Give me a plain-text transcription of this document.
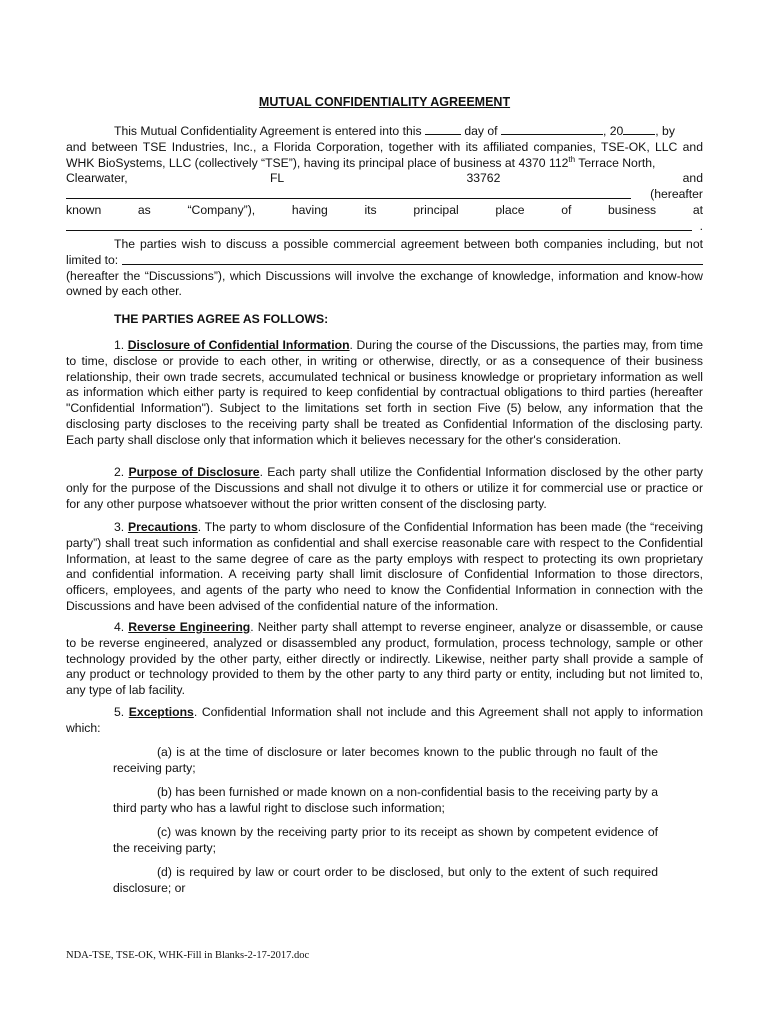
MUTUAL CONFIDENTIALITY AGREEMENT
This Mutual Confidentiality Agreement is entered into this	day of	, 20	, by
and between TSE Industries, Inc., a Florida Corporation, together with its affiliated companies, TSE-OK, LLC and
WHK BioSystems, LLC (collectively “TSE”), having its principal place of business at 4370 112th Terrace North,
Clearwater,	FL	33762	and
(hereafter
known	as	“Company”),	having	its	principal	place	of	business	at
.
The parties wish to discuss a possible commercial agreement between both companies including, but not
limited to:
(hereafter the “Discussions”), which Discussions will involve the exchange of knowledge, information and know-how owned by each other.
THE PARTIES AGREE AS FOLLOWS:
1. Disclosure of Confidential Information. During the course of the Discussions, the parties may, from time to time, disclose or provide to each other, in writing or otherwise, directly, or as a consequence of their business relationship, their own trade secrets, accumulated technical or business knowledge or proprietary information as well as information which either party is required to keep confidential by contractual obligations to third parties (hereafter "Confidential Information"). Subject to the limitations set forth in section Five (5) below, any information that the disclosing party discloses to the receiving party shall be treated as Confidential Information of the disclosing party. Each party shall disclose only that information which it believes necessary for the other's consideration.
2. Purpose of Disclosure. Each party shall utilize the Confidential Information disclosed by the other party only for the purpose of the Discussions and shall not divulge it to others or utilize it for commercial use or practice or for any other purpose whatsoever without the prior written consent of the disclosing party.
3. Precautions. The party to whom disclosure of the Confidential Information has been made (the “receiving party”) shall treat such information as confidential and shall exercise reasonable care with respect to the Confidential Information, at least to the same degree of care as the party employs with respect to protecting its own proprietary and confidential information. A receiving party shall limit disclosure of Confidential Information to those directors, officers, employees, and agents of the party who need to know the Confidential Information in connection with the Discussions and have been advised of the confidential nature of the information.
4. Reverse Engineering. Neither party shall attempt to reverse engineer, analyze or disassemble, or cause to be reverse engineered, analyzed or disassembled any product, formulation, process technology, sample or other technology provided by the other party, either directly or indirectly. Likewise, neither party shall provide a sample of any product or technology provided to them by the other party to any third party or entity, including but not limited to, any type of lab facility.
5. Exceptions. Confidential Information shall not include and this Agreement shall not apply to information which:
(a) is at the time of disclosure or later becomes known to the public through no fault of the receiving party;
(b) has been furnished or made known on a non-confidential basis to the receiving party by a third party who has a lawful right to disclose such information;
(c) was known by the receiving party prior to its receipt as shown by competent evidence of the receiving party;
(d) is required by law or court order to be disclosed, but only to the extent of such required disclosure; or
NDA-TSE, TSE-OK, WHK-Fill in Blanks-2-17-2017.doc
